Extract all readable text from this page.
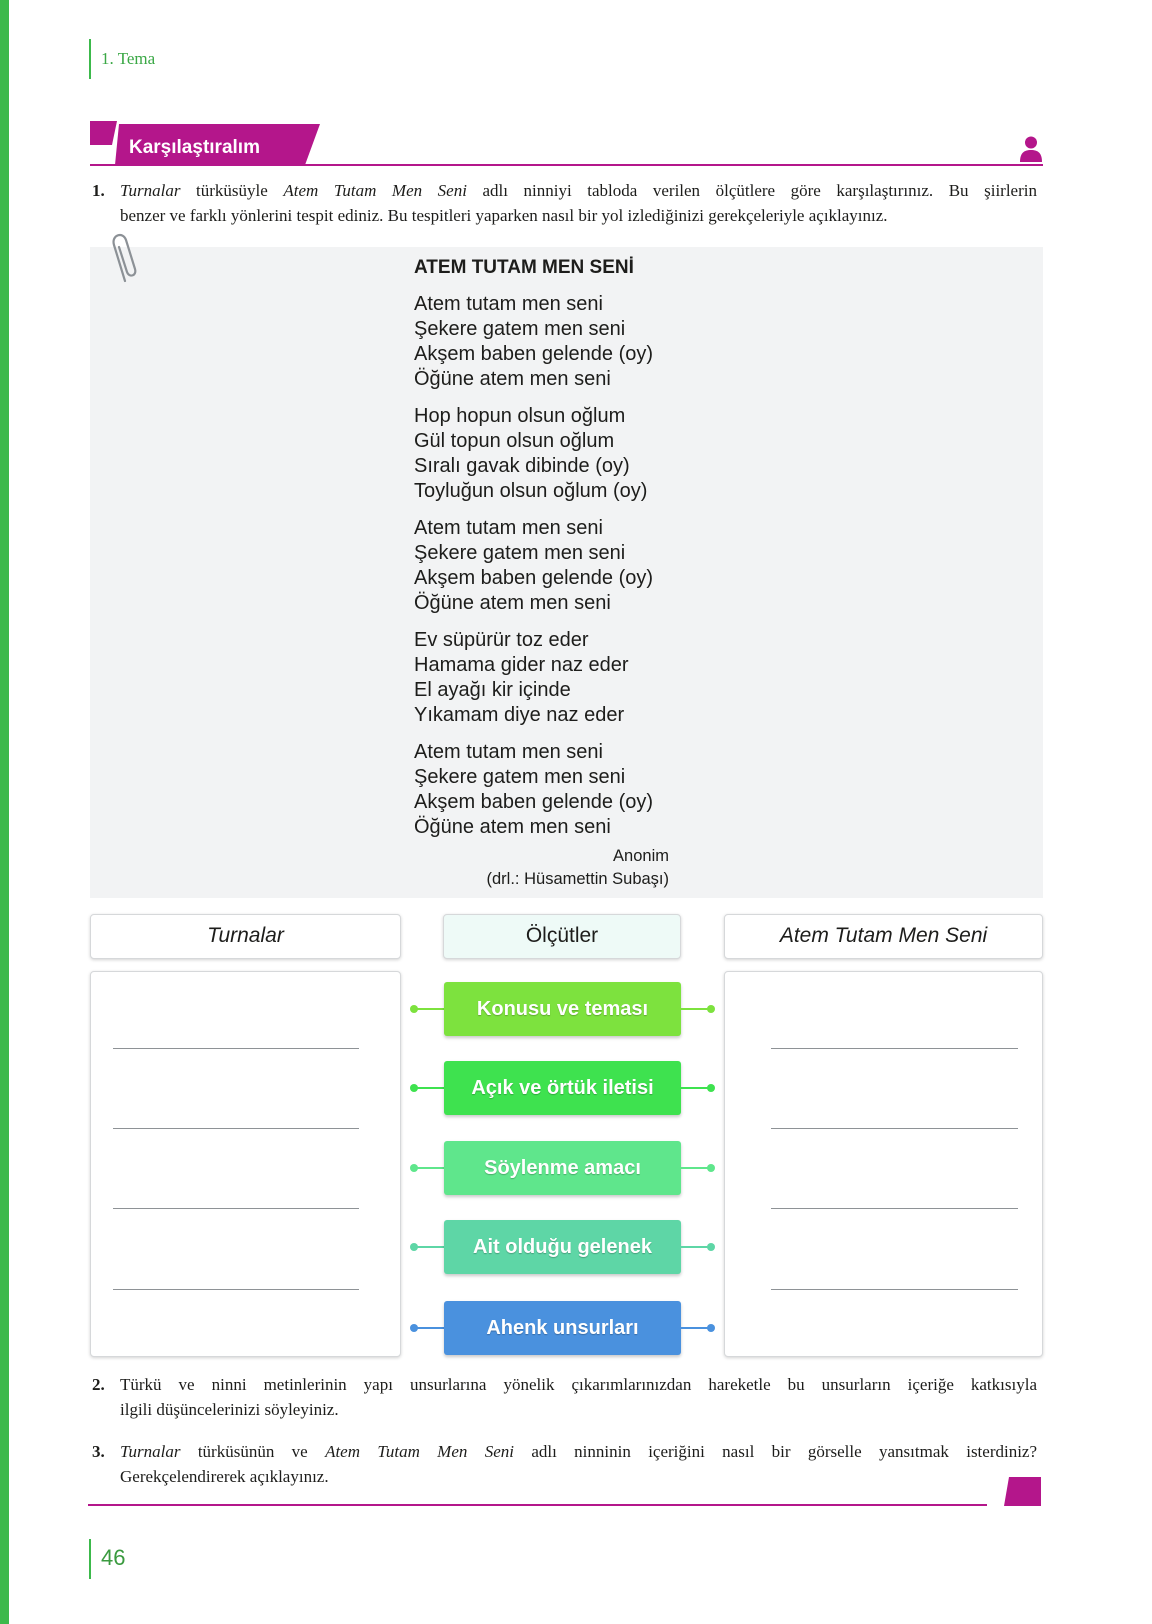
1. Tema
Karşılaştıralım
1. Turnalar türküsüyle Atem Tutam Men Seni adlı ninniyi tabloda verilen ölçütlere göre karşılaştırınız. Bu şiirlerin
benzer ve farklı yönlerini tespit ediniz. Bu tespitleri yaparken nasıl bir yol izlediğinizi gerekçeleriyle açıklayınız.
ATEM TUTAM MEN SENİ
Atem tutam men seni
Şekere gatem men seni
Akşem baben gelende (oy)
Öğüne atem men seni
Hop hopun olsun oğlum
Gül topun olsun oğlum
Sıralı gavak dibinde (oy)
Toyluğun olsun oğlum (oy)
Atem tutam men seni
Şekere gatem men seni
Akşem baben gelende (oy)
Öğüne atem men seni
Ev süpürür toz eder
Hamama gider naz eder
El ayağı kir içinde
Yıkamam diye naz eder
Atem tutam men seni
Şekere gatem men seni
Akşem baben gelende (oy)
Öğüne atem men seni
Anonim
(drl.: Hüsamettin Subaşı)
Turnalar	Ölçütler	Atem Tutam Men Seni
Konusu ve teması
Açık ve örtük iletisi
Söylenme amacı
Ait olduğu gelenek
Ahenk unsurları
2. Türkü ve ninni metinlerinin yapı unsurlarına yönelik çıkarımlarınızdan hareketle bu unsurların içeriğe katkısıyla
ilgili düşüncelerinizi söyleyiniz.
3. Turnalar türküsünün ve Atem Tutam Men Seni adlı ninninin içeriğini nasıl bir görselle yansıtmak isterdiniz?
Gerekçelendirerek açıklayınız.
46
